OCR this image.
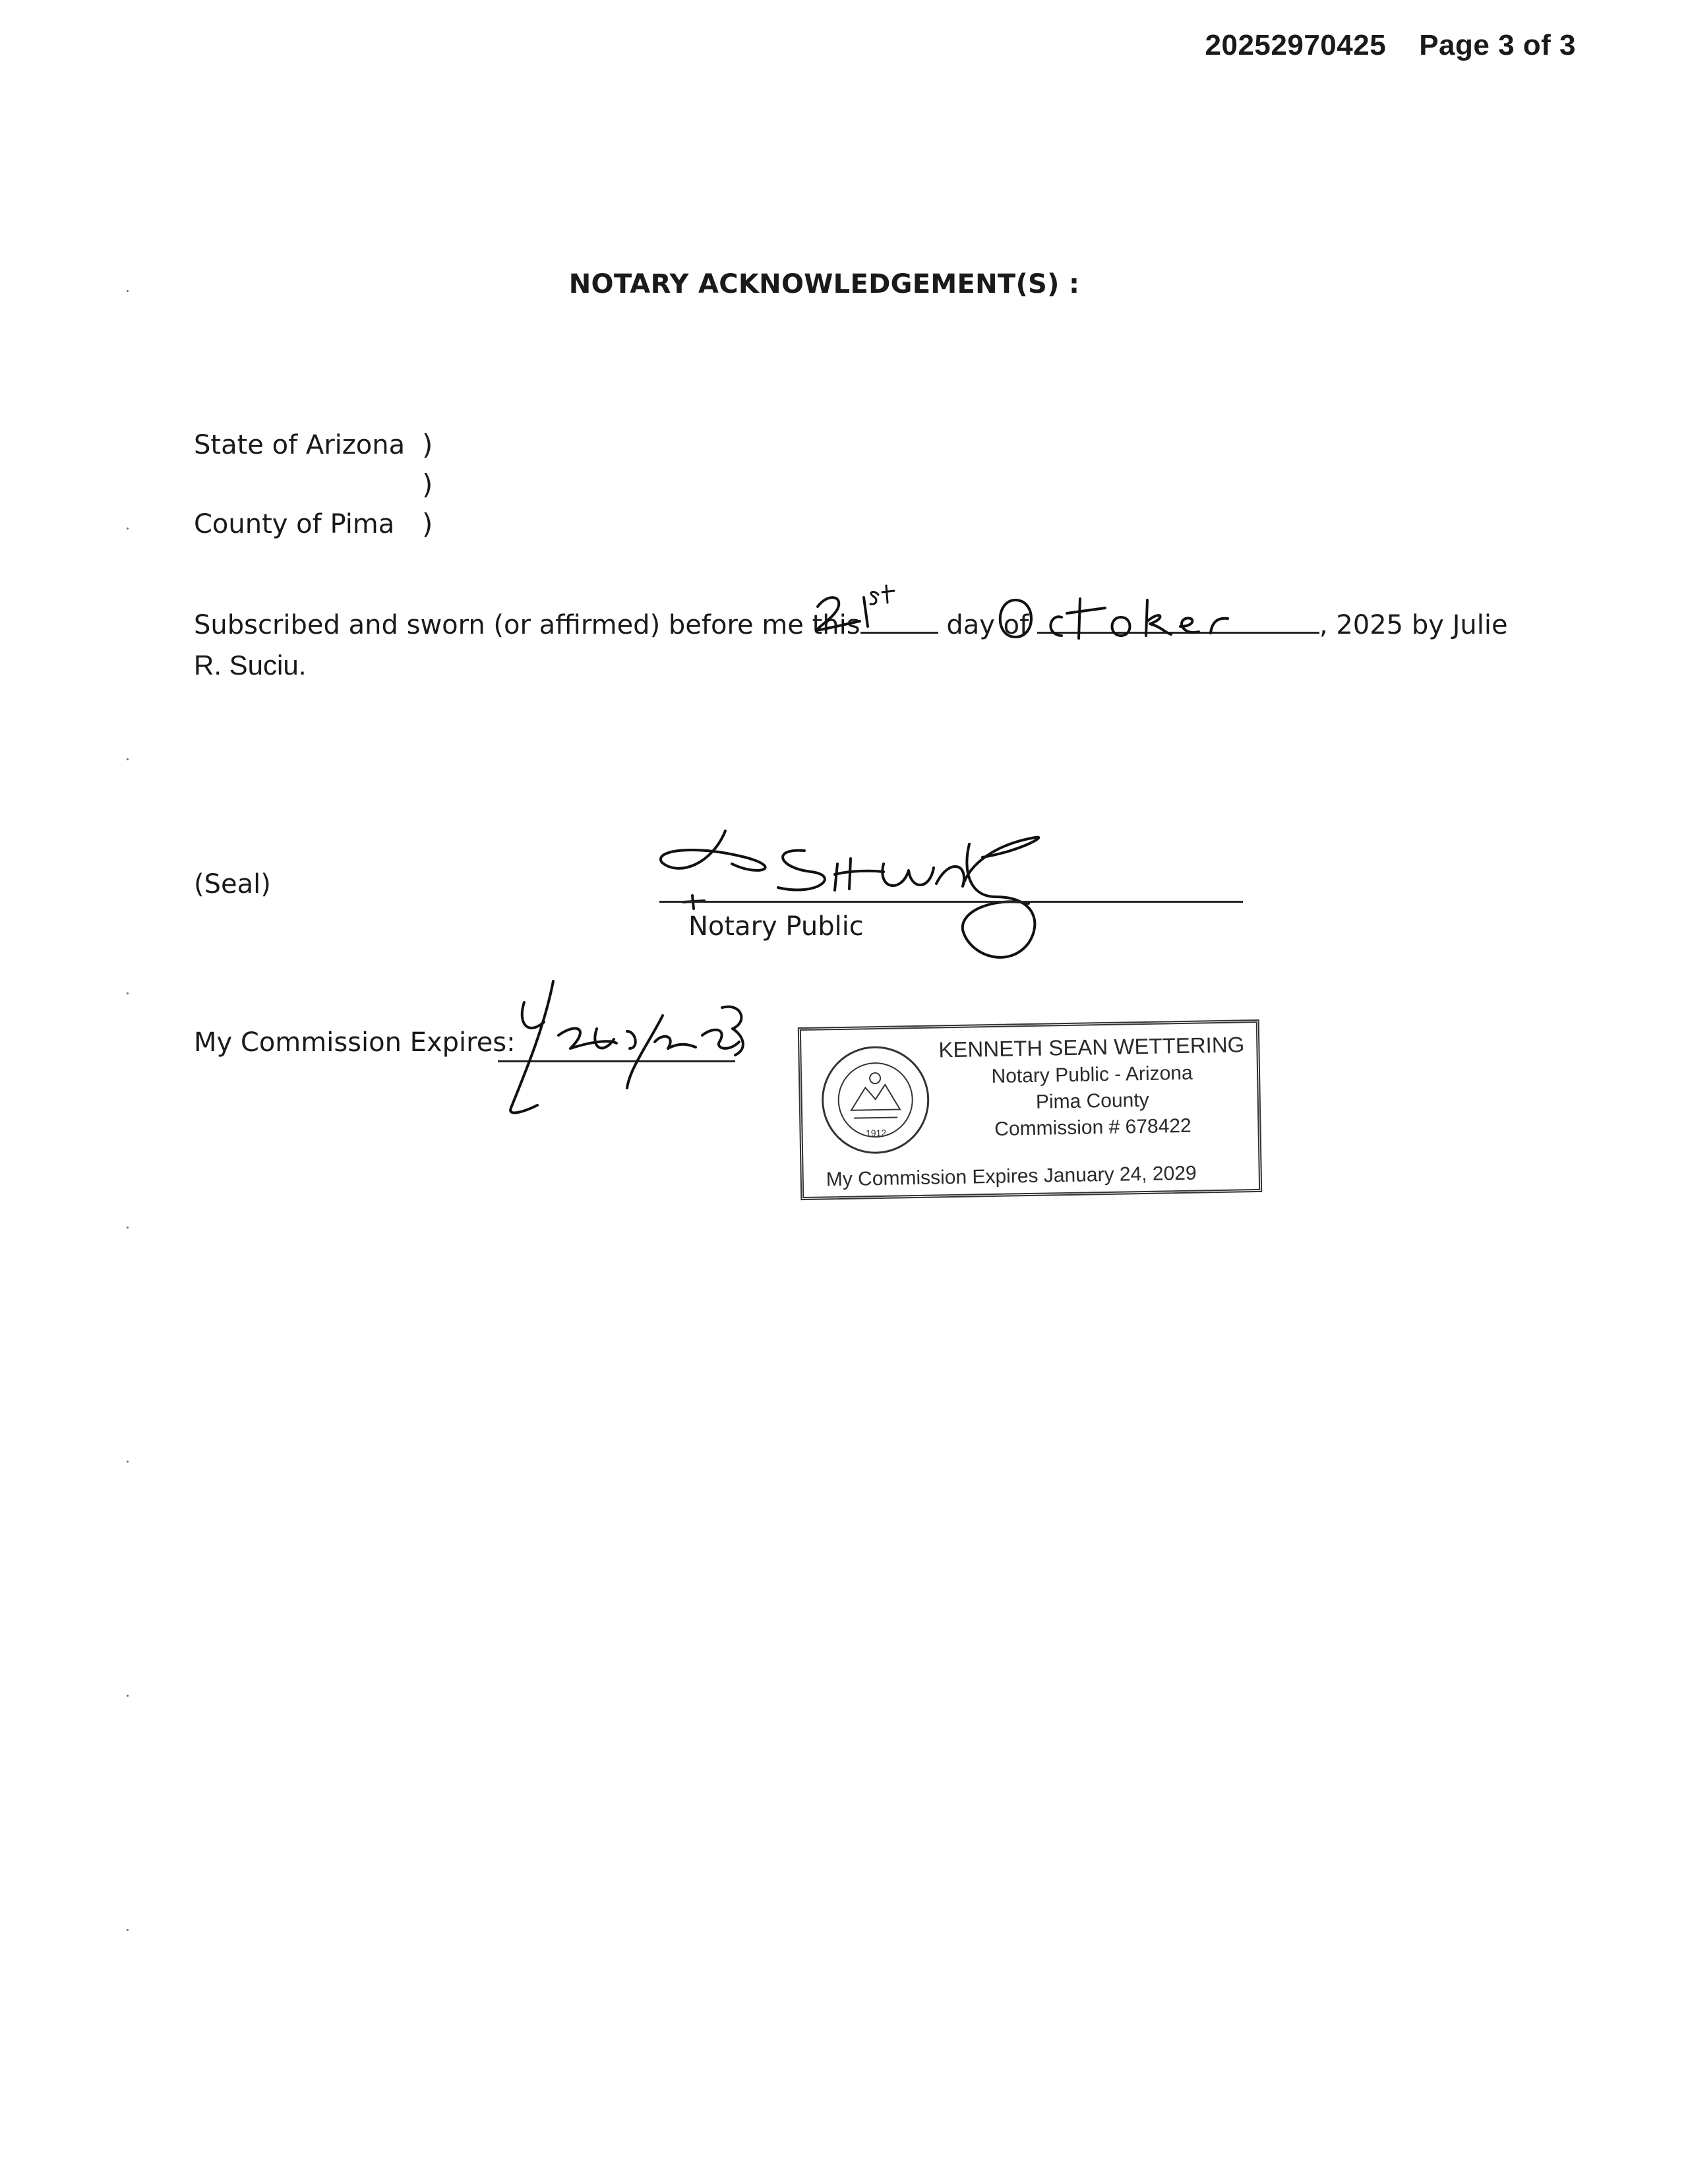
20252970425 Page 3 of 3
NOTARY ACKNOWLEDGEMENT(S) :
State of Arizona )
)
County of Pima )
Subscribed and sworn (or affirmed) before me this	day of	, 2025 by Julie
R. Suciu.
(Seal)
Notary Public
My Commission Expires:
1912
KENNETH SEAN WETTERING
Notary Public - Arizona
Pima County
Commission # 678422
My Commission Expires January 24, 2029
